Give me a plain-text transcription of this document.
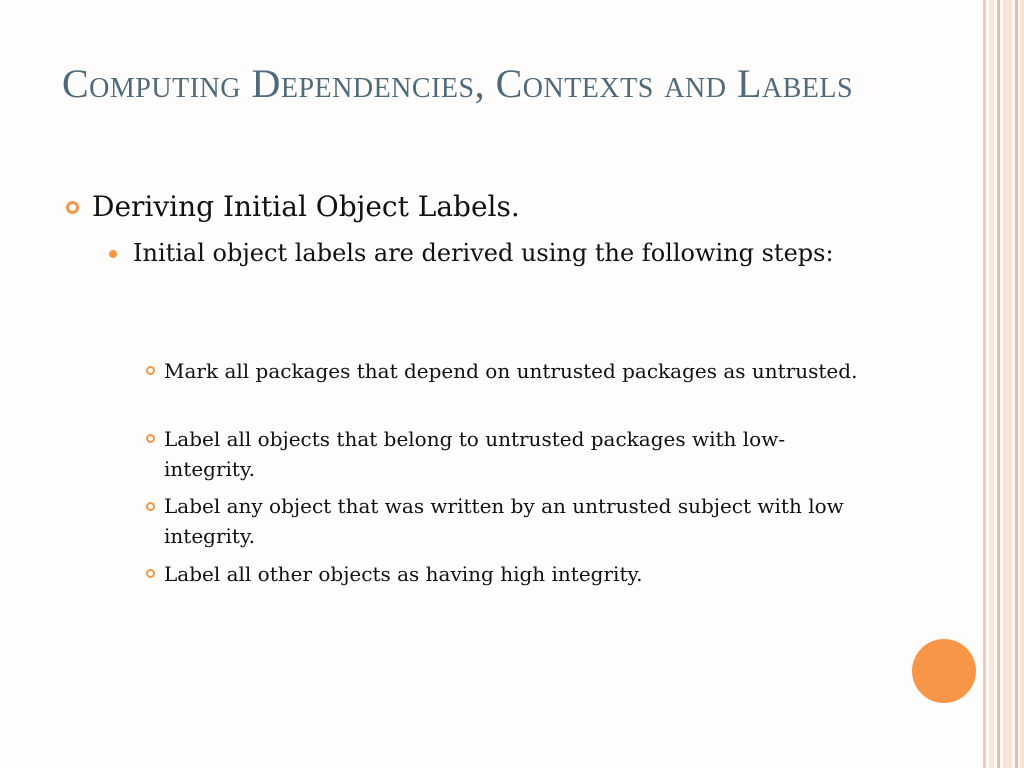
Computing Dependencies, Contexts and Labels

Deriving Initial Object Labels.

Initial object labels are derived using the following steps:

Mark all packages that depend on untrusted packages as untrusted.

Label all objects that belong to untrusted packages with low-integrity.

Label any object that was written by an untrusted subject with low integrity.

Label all other objects as having high integrity.
